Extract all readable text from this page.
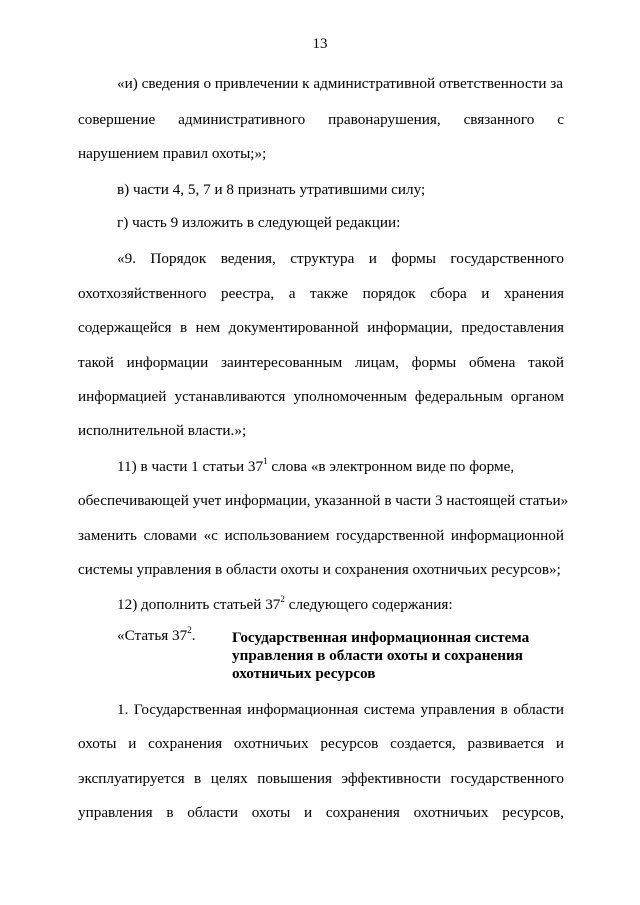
13
«и) сведения о привлечении к административной ответственности за
совершение административного правонарушения, связанного с
нарушением правил охоты;»;
в) части 4, 5, 7 и 8 признать утратившими силу;
г) часть 9 изложить в следующей редакции:
«9. Порядок ведения, структура и формы государственного
охотхозяйственного реестра, а также порядок сбора и хранения
содержащейся в нем документированной информации, предоставления
такой информации заинтересованным лицам, формы обмена такой
информацией устанавливаются уполномоченным федеральным органом
исполнительной власти.»;
11) в части 1 статьи $37^1$ слова «в электронном виде по форме,
обеспечивающей учет информации, указанной в части 3 настоящей статьи»
заменить словами «с использованием государственной информационной
системы управления в области охоты и сохранения охотничьих ресурсов»;
12) дополнить статьей $37^2$ следующего содержания:
«Статья $37^2$.	Государственная информационная система
управления в области охоты и сохранения
охотничьих ресурсов
1. Государственная информационная система управления в области
охоты и сохранения охотничьих ресурсов создается, развивается и
эксплуатируется в целях повышения эффективности государственного
управления в области охоты и сохранения охотничьих ресурсов,
